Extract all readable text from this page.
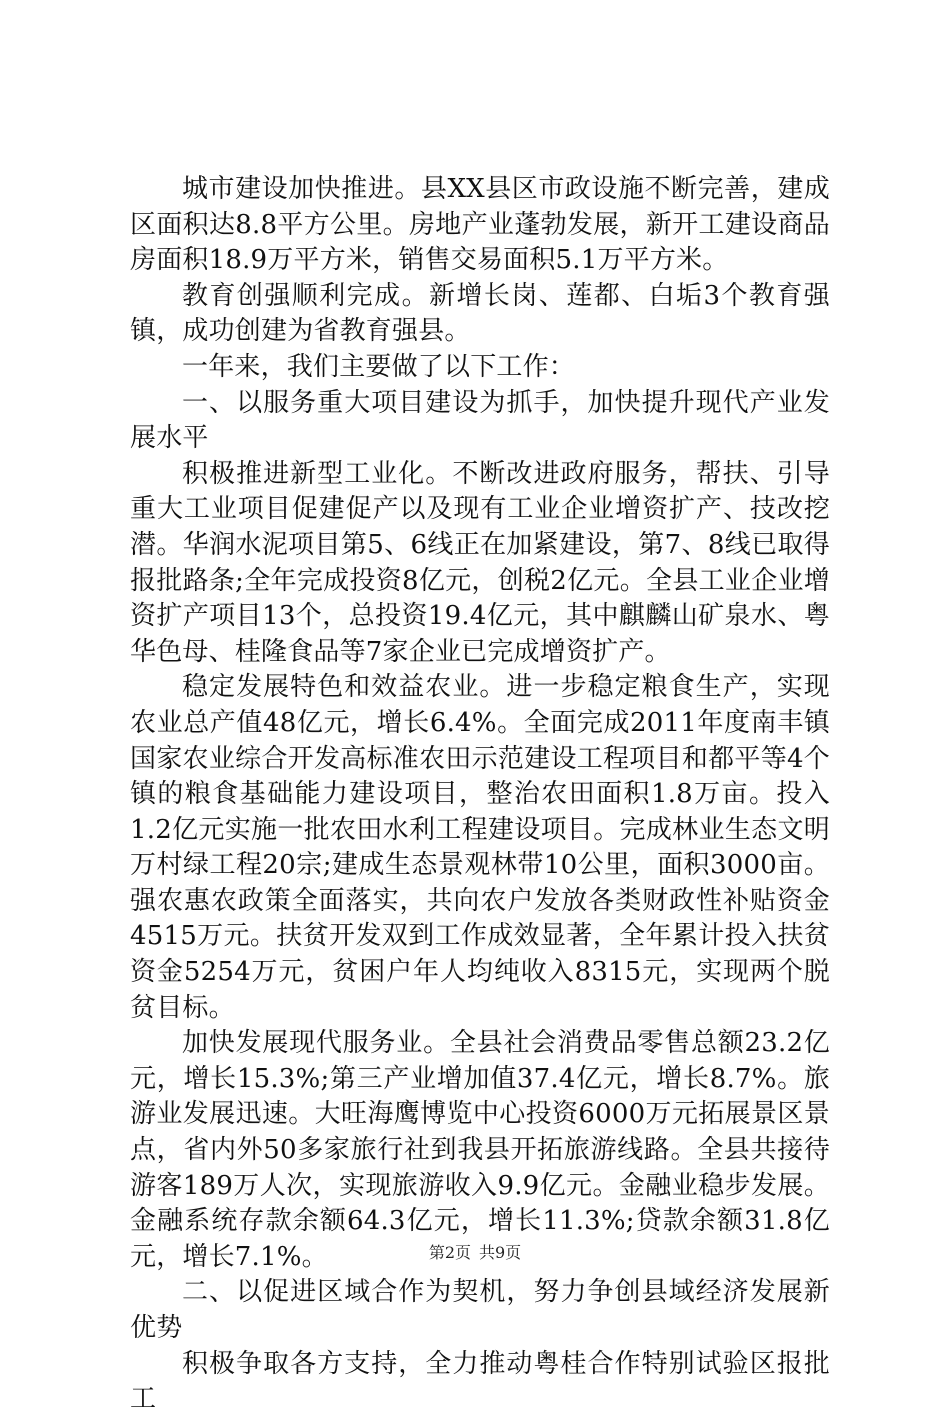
城市建设加快推进。县XX县区市政设施不断完善，建成区面积达8.8平方公里。房地产业蓬勃发展，新开工建设商品房面积18.9万平方米，销售交易面积5.1万平方米。

教育创强顺利完成。新增长岗、莲都、白垢3个教育强镇，成功创建为省教育强县。

一年来，我们主要做了以下工作：

一、以服务重大项目建设为抓手，加快提升现代产业发展水平

积极推进新型工业化。不断改进政府服务，帮扶、引导重大工业项目促建促产以及现有工业企业增资扩产、技改挖潜。华润水泥项目第5、6线正在加紧建设，第7、8线已取得报批路条;全年完成投资8亿元，创税2亿元。全县工业企业增资扩产项目13个，总投资19.4亿元，其中麒麟山矿泉水、粤华色母、桂隆食品等7家企业已完成增资扩产。

稳定发展特色和效益农业。进一步稳定粮食生产，实现农业总产值48亿元，增长6.4%。全面完成2011年度南丰镇国家农业综合开发高标准农田示范建设工程项目和都平等4个镇的粮食基础能力建设项目，整治农田面积1.8万亩。投入1.2亿元实施一批农田水利工程建设项目。完成林业生态文明万村绿工程20宗;建成生态景观林带10公里，面积3000亩。强农惠农政策全面落实，共向农户发放各类财政性补贴资金4515万元。扶贫开发双到工作成效显著，全年累计投入扶贫资金5254万元，贫困户年人均纯收入8315元，实现两个脱贫目标。

加快发展现代服务业。全县社会消费品零售总额23.2亿元，增长15.3%;第三产业增加值37.4亿元，增长8.7%。旅游业发展迅速。大旺海鹰博览中心投资6000万元拓展景区景点，省内外50多家旅行社到我县开拓旅游线路。全县共接待游客189万人次，实现旅游收入9.9亿元。金融业稳步发展。金融系统存款余额64.3亿元，增长11.3%;贷款余额31.8亿元，增长7.1%。

二、以促进区域合作为契机，努力争创县域经济发展新优势

积极争取各方支持，全力推动粤桂合作特别试验区报批工

第2页 共9页
